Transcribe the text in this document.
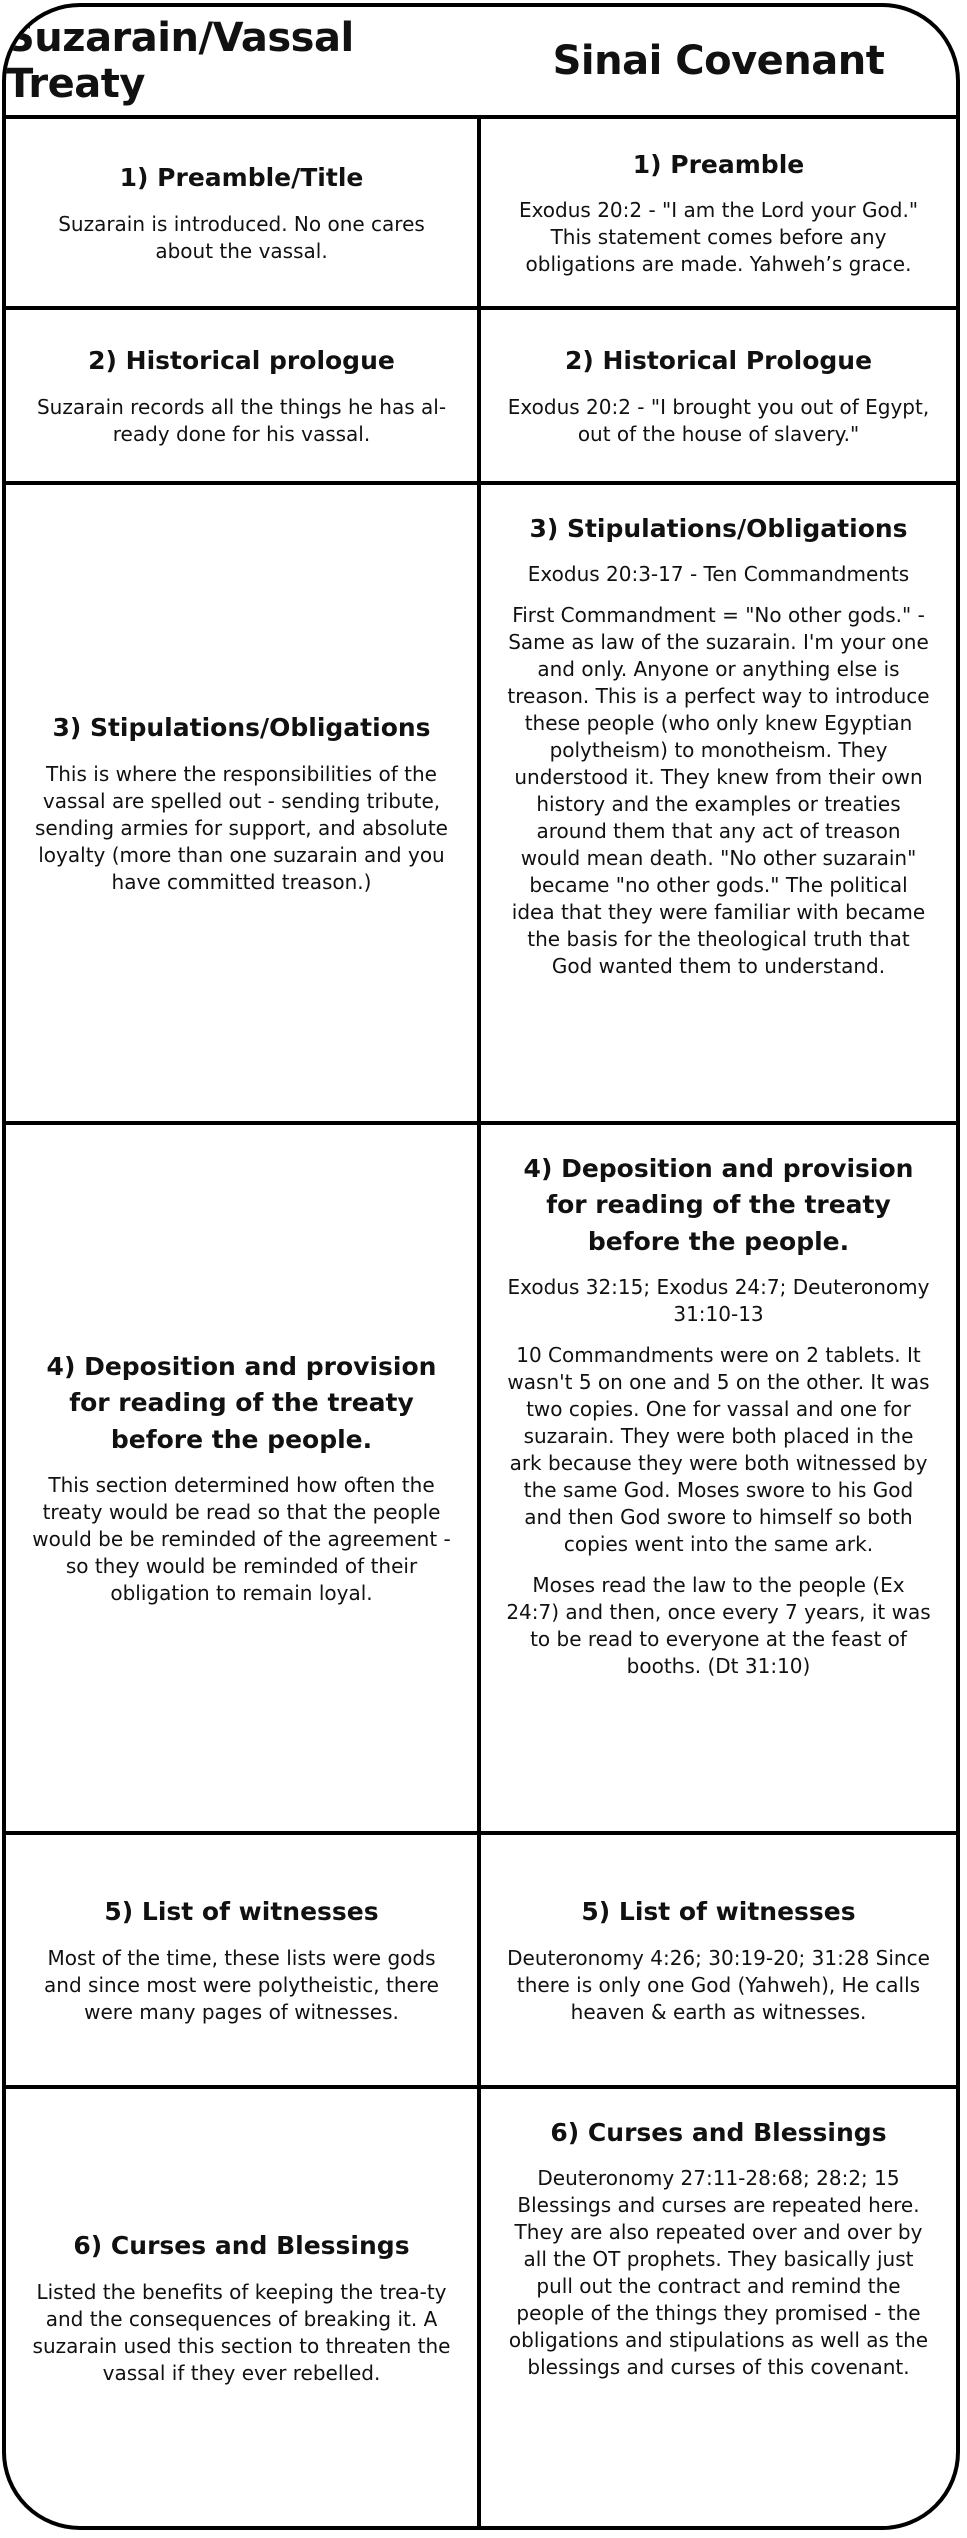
Suzarain/Vassal Treaty	Sinai Covenant
1) Preamble/Title
Suzarain is introduced. No one cares about the vassal.
1) Preamble
Exodus 20:2 - "I am the Lord your God." This statement comes before any obligations are made. Yahweh’s grace.
2) Historical prologue
Suzarain records all the things he has al-ready done for his vassal.
2) Historical Prologue
Exodus 20:2 - "I brought you out of Egypt, out of the house of slavery."
3) Stipulations/Obligations
This is where the responsibilities of the vassal are spelled out - sending tribute, sending armies for support, and absolute loyalty (more than one suzarain and you have committed treason.)
3) Stipulations/Obligations
Exodus 20:3-17 - Ten Commandments
First Commandment = "No other gods." - Same as law of the suzarain. I'm your one and only. Anyone or anything else is treason. This is a perfect way to introduce these people (who only knew Egyptian polytheism) to monotheism. They understood it. They knew from their own history and the examples or treaties around them that any act of treason would mean death. "No other suzarain" became "no other gods." The political idea that they were familiar with became the basis for the theological truth that God wanted them to understand.
4) Deposition and provision for reading of the treaty before the people.
This section determined how often the treaty would be read so that the people would be be reminded of the agreement - so they would be reminded of their obligation to remain loyal.
4) Deposition and provision for reading of the treaty before the people.
Exodus 32:15; Exodus 24:7; Deuteronomy 31:10-13
10 Commandments were on 2 tablets. It wasn't 5 on one and 5 on the other. It was two copies. One for vassal and one for suzarain. They were both placed in the ark because they were both witnessed by the same God. Moses swore to his God and then God swore to himself so both copies went into the same ark.
Moses read the law to the people (Ex 24:7) and then, once every 7 years, it was to be read to everyone at the feast of booths. (Dt 31:10)
5) List of witnesses
Most of the time, these lists were gods and since most were polytheistic, there were many pages of witnesses.
5) List of witnesses
Deuteronomy 4:26; 30:19-20; 31:28 Since there is only one God (Yahweh), He calls heaven & earth as witnesses.
6) Curses and Blessings
Listed the benefits of keeping the trea-ty and the consequences of breaking it. A suzarain used this section to threaten the vassal if they ever rebelled.
6) Curses and Blessings
Deuteronomy 27:11-28:68; 28:2; 15 Blessings and curses are repeated here. They are also repeated over and over by all the OT prophets. They basically just pull out the contract and remind the people of the things they promised - the obligations and stipulations as well as the blessings and curses of this covenant.
